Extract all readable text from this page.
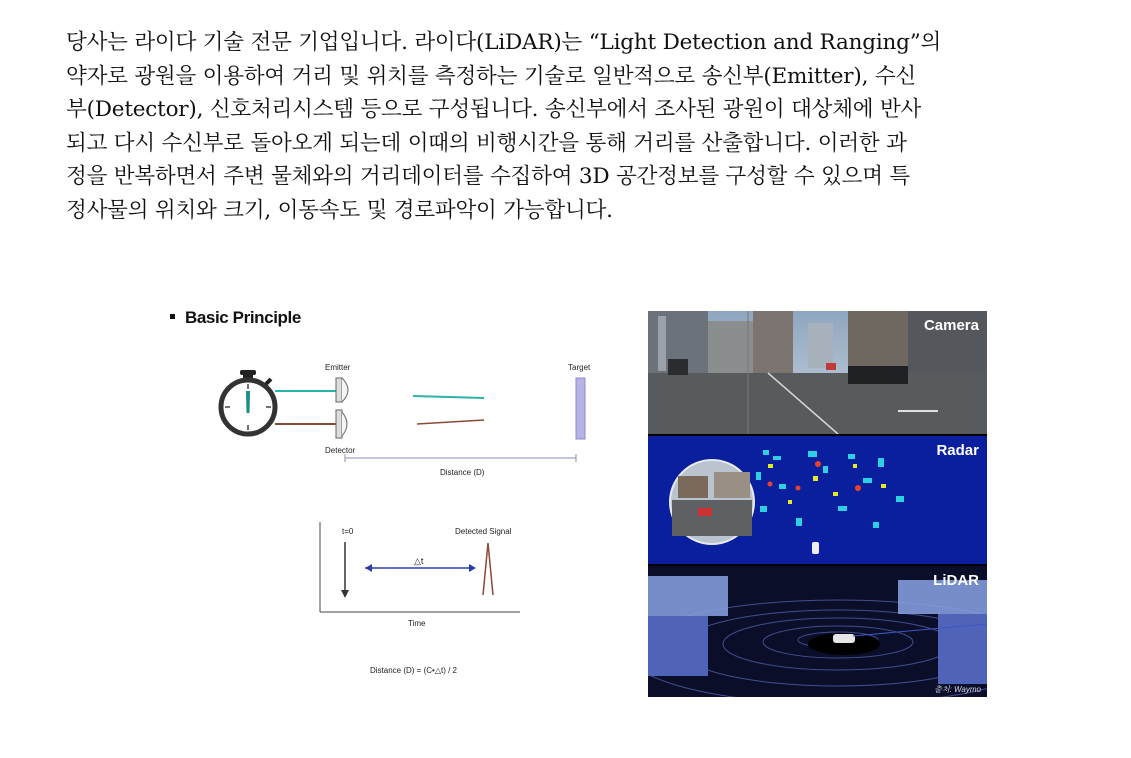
당사는 라이다 기술 전문 기업입니다. 라이다(LiDAR)는 “Light Detection and Ranging”의
약자로 광원을 이용하여 거리 및 위치를 측정하는 기술로 일반적으로 송신부(Emitter), 수신
부(Detector), 신호처리시스템 등으로 구성됩니다. 송신부에서 조사된 광원이 대상체에 반사
되고 다시 수신부로 돌아오게 되는데 이때의 비행시간을 통해 거리를 산출합니다. 이러한 과
정을 반복하면서 주변 물체와의 거리데이터를 수집하여 3D 공간정보를 구성할 수 있으며 특
정사물의 위치와 크기, 이동속도 및 경로파악이 가능합니다.

Basic Principle
Emitter
Detector
Target
Distance (D)
t=0	Detected Signal
△t
Time
Distance (D) = (C•△t) / 2
Camera
Radar
LiDAR
출처: Waymo
